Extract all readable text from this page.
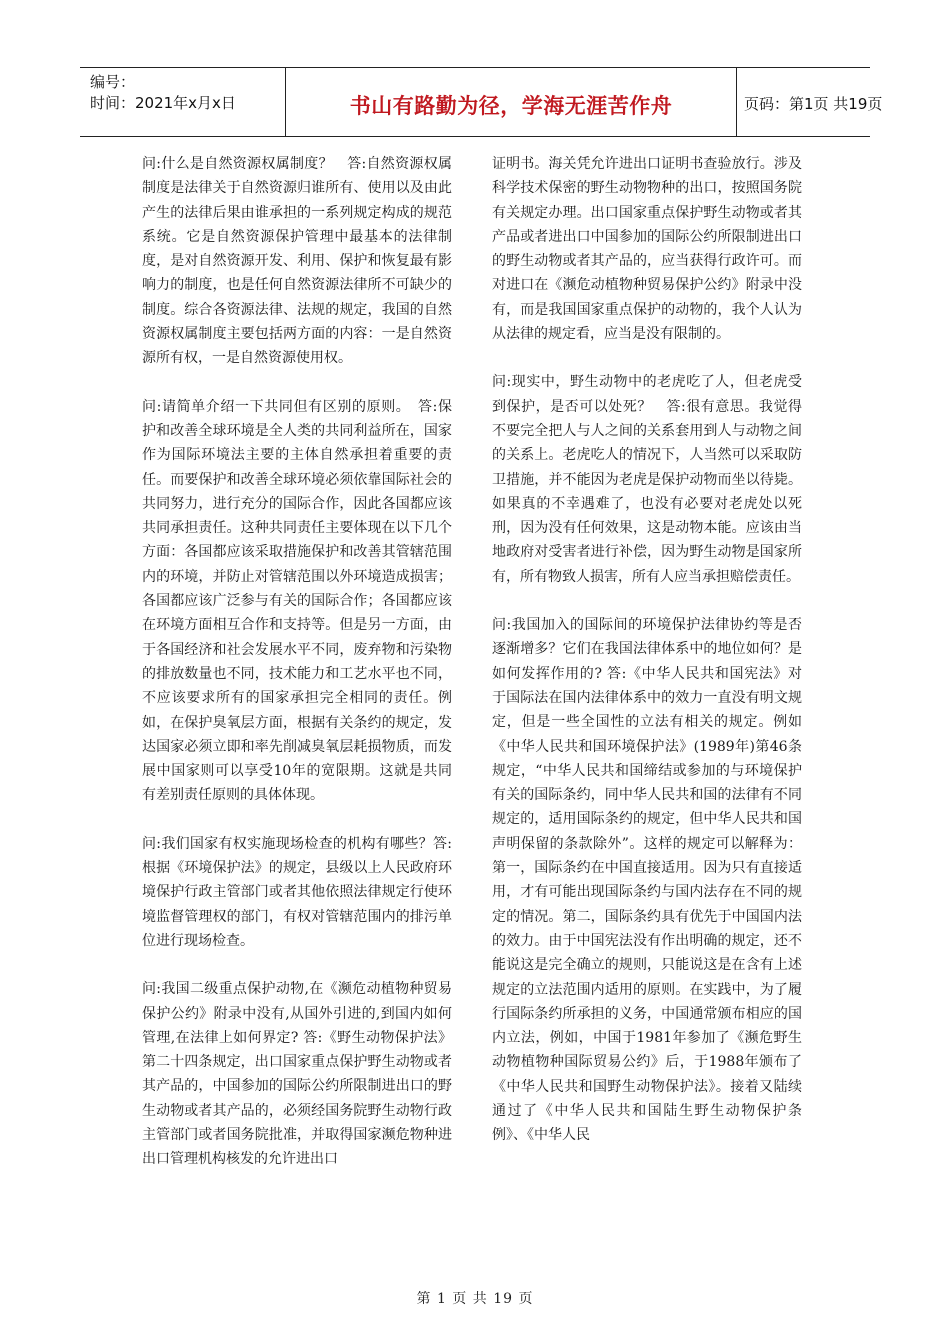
编号：
时间：2021年x月x日	书山有路勤为径，学海无涯苦作舟	页码：第1页 共19页

问:什么是自然资源权属制度？　答:自然资源权属制度是法律关于自然资源归谁所有、使用以及由此产生的法律后果由谁承担的一系列规定构成的规范系统。它是自然资源保护管理中最基本的法律制度，是对自然资源开发、利用、保护和恢复最有影响力的制度，也是任何自然资源法律所不可缺少的制度。综合各资源法律、法规的规定，我国的自然资源权属制度主要包括两方面的内容：一是自然资源所有权，一是自然资源使用权。

问:请简单介绍一下共同但有区别的原则。　答:保护和改善全球环境是全人类的共同利益所在，国家作为国际环境法主要的主体自然承担着重要的责任。而要保护和改善全球环境必须依靠国际社会的共同努力，进行充分的国际合作，因此各国都应该共同承担责任。这种共同责任主要体现在以下几个方面：各国都应该采取措施保护和改善其管辖范围内的环境，并防止对管辖范围以外环境造成损害；各国都应该广泛参与有关的国际合作；各国都应该在环境方面相互合作和支持等。但是另一方面，由于各国经济和社会发展水平不同，废弃物和污染物的排放数量也不同，技术能力和工艺水平也不同，不应该要求所有的国家承担完全相同的责任。例如，在保护臭氧层方面，根据有关条约的规定，发达国家必须立即和率先削减臭氧层耗损物质，而发展中国家则可以享受10年的宽限期。这就是共同有差别责任原则的具体体现。

问:我们国家有权实施现场检查的机构有哪些？答:根据《环境保护法》的规定，县级以上人民政府环境保护行政主管部门或者其他依照法律规定行使环境监督管理权的部门，有权对管辖范围内的排污单位进行现场检查。

问:我国二级重点保护动物,在《濒危动植物种贸易保护公约》附录中没有,从国外引进的,到国内如何管理,在法律上如何界定? 答:《野生动物保护法》第二十四条规定，出口国家重点保护野生动物或者其产品的，中国参加的国际公约所限制进出口的野生动物或者其产品的，必须经国务院野生动物行政主管部门或者国务院批准，并取得国家濒危物种进出口管理机构核发的允许进出口

证明书。海关凭允许进出口证明书查验放行。涉及科学技术保密的野生动物物种的出口，按照国务院有关规定办理。出口国家重点保护野生动物或者其产品或者进出口中国参加的国际公约所限制进出口的野生动物或者其产品的，应当获得行政许可。而对进口在《濒危动植物种贸易保护公约》附录中没有，而是我国国家重点保护的动物的，我个人认为从法律的规定看，应当是没有限制的。

问:现实中，野生动物中的老虎吃了人，但老虎受到保护，是否可以处死？　答:很有意思。我觉得不要完全把人与人之间的关系套用到人与动物之间的关系上。老虎吃人的情况下，人当然可以采取防卫措施，并不能因为老虎是保护动物而坐以待毙。如果真的不幸遇难了，也没有必要对老虎处以死刑，因为没有任何效果，这是动物本能。应该由当地政府对受害者进行补偿，因为野生动物是国家所有，所有物致人损害，所有人应当承担赔偿责任。

问:我国加入的国际间的环境保护法律协约等是否逐渐增多？它们在我国法律体系中的地位如何？是如何发挥作用的? 答:《中华人民共和国宪法》对于国际法在国内法律体系中的效力一直没有明文规定，但是一些全国性的立法有相关的规定。例如《中华人民共和国环境保护法》(1989年)第46条规定，“中华人民共和国缔结或参加的与环境保护有关的国际条约，同中华人民共和国的法律有不同规定的，适用国际条约的规定，但中华人民共和国声明保留的条款除外”。这样的规定可以解释为：第一，国际条约在中国直接适用。因为只有直接适用，才有可能出现国际条约与国内法存在不同的规定的情况。第二，国际条约具有优先于中国国内法的效力。由于中国宪法没有作出明确的规定，还不能说这是完全确立的规则，只能说这是在含有上述规定的立法范围内适用的原则。在实践中，为了履行国际条约所承担的义务，中国通常颁布相应的国内立法，例如，中国于1981年参加了《濒危野生动物植物种国际贸易公约》后，于1988年颁布了《中华人民共和国野生动物保护法》。接着又陆续通过了《中华人民共和国陆生野生动物保护条例》、《中华人民

第 1 页 共 19 页
